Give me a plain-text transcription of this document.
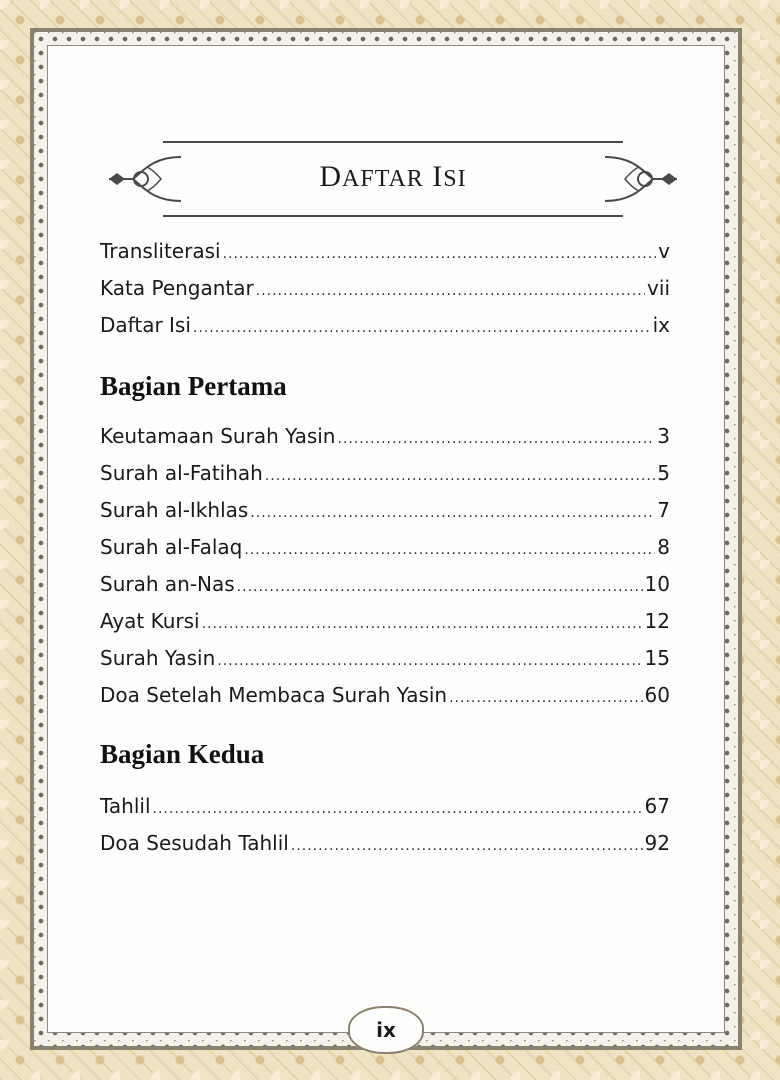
DAFTAR ISI
Transliterasi .....	v
Kata Pengantar .....	vii
Daftar Isi .....	ix
Keutamaan Surah Yasin .....	3
Surah al-Fatihah .....	5
Surah al-Ikhlas .....	7
Surah al-Falaq .....	8
Surah an-Nas .....	10
Ayat Kursi .....	12
Surah Yasin .....	15
Doa Setelah Membaca Surah Yasin .....	60
Tahlil .....	67
Doa Sesudah Tahlil .....	92
Bagian Pertama
Bagian Kedua
ix
